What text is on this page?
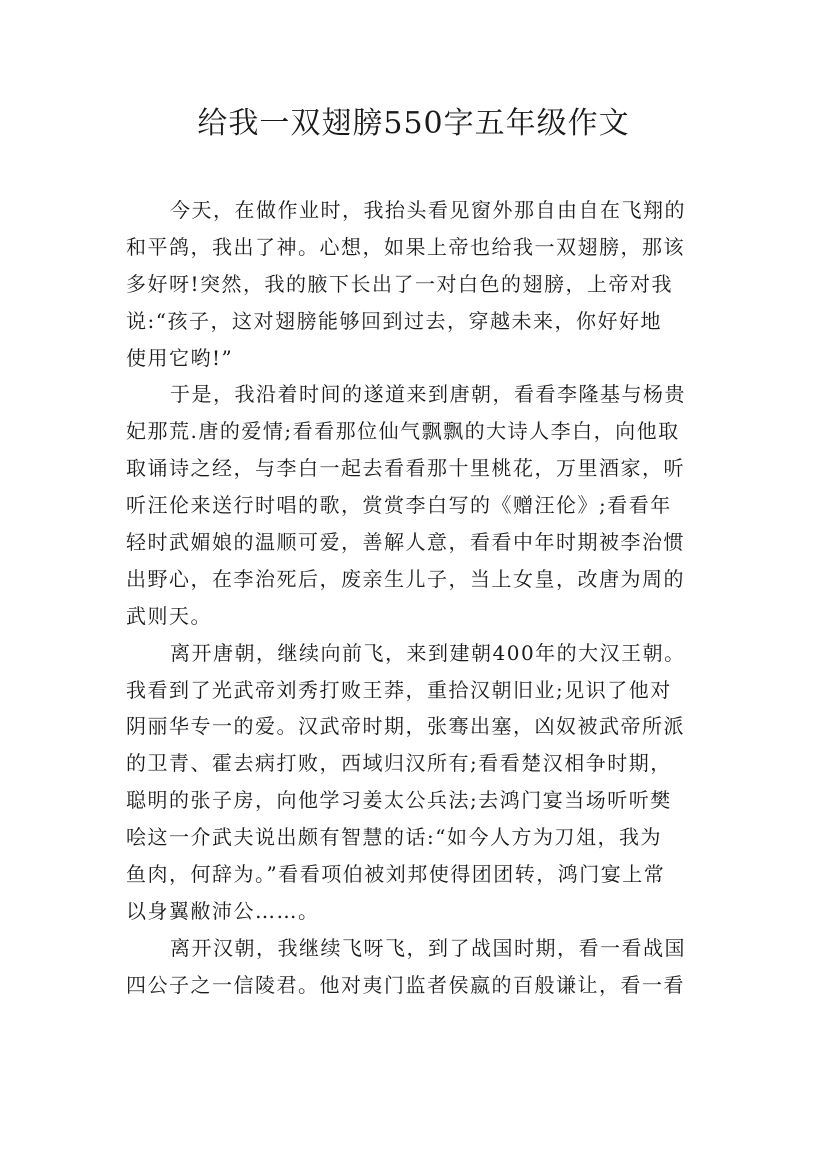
给我一双翅膀550字五年级作文
今天，在做作业时，我抬头看见窗外那自由自在飞翔的
和平鸽，我出了神。心想，如果上帝也给我一双翅膀，那该
多好呀!突然，我的腋下长出了一对白色的翅膀，上帝对我
说:“孩子，这对翅膀能够回到过去，穿越未来，你好好地
使用它哟!”
于是，我沿着时间的遂道来到唐朝，看看李隆基与杨贵
妃那荒.唐的爱情;看看那位仙气飘飘的大诗人李白，向他取
取诵诗之经，与李白一起去看看那十里桃花，万里酒家，听
听汪伦来送行时唱的歌，赏赏李白写的《赠汪伦》;看看年
轻时武媚娘的温顺可爱，善解人意，看看中年时期被李治惯
出野心，在李治死后，废亲生儿子，当上女皇，改唐为周的
武则天。
离开唐朝，继续向前飞，来到建朝400年的大汉王朝。
我看到了光武帝刘秀打败王莽，重拾汉朝旧业;见识了他对
阴丽华专一的爱。汉武帝时期，张骞出塞，凶奴被武帝所派
的卫青、霍去病打败，西域归汉所有;看看楚汉相争时期，
聪明的张子房，向他学习姜太公兵法;去鸿门宴当场听听樊
哙这一介武夫说出颇有智慧的话:“如今人方为刀俎，我为
鱼肉，何辞为。”看看项伯被刘邦使得团团转，鸿门宴上常
以身翼敝沛公……。
离开汉朝，我继续飞呀飞，到了战国时期，看一看战国
四公子之一信陵君。他对夷门监者侯嬴的百般谦让，看一看
